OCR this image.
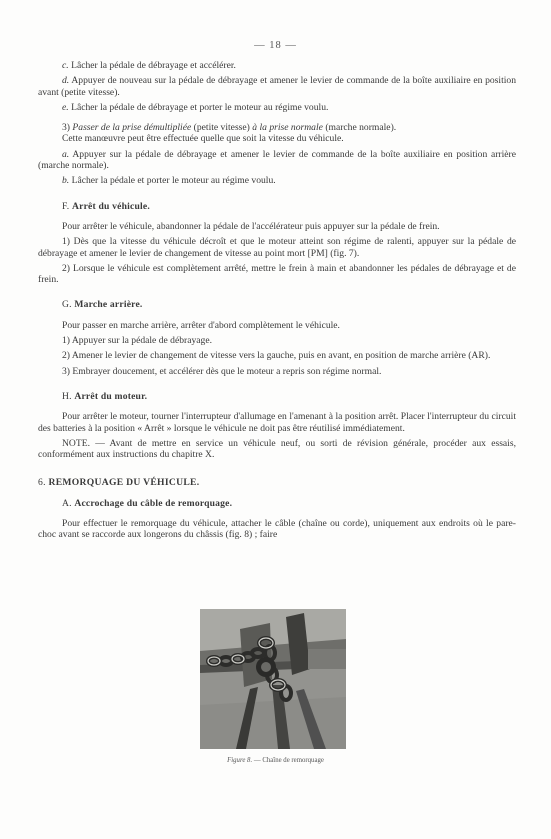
— 18 —

c. Lâcher la pédale de débrayage et accélérer.

d. Appuyer de nouveau sur la pédale de débrayage et amener le levier de commande de la boîte auxiliaire en position avant (petite vitesse).

e. Lâcher la pédale de débrayage et porter le moteur au régime voulu.

3) Passer de la prise démultipliée (petite vitesse) à la prise normale (marche normale).

Cette manœuvre peut être effectuée quelle que soit la vitesse du véhicule.

a. Appuyer sur la pédale de débrayage et amener le levier de commande de la boîte auxiliaire en position arrière (marche normale).

b. Lâcher la pédale et porter le moteur au régime voulu.

F. Arrêt du véhicule.

Pour arrêter le véhicule, abandonner la pédale de l'accélérateur puis appuyer sur la pédale de frein.

1) Dès que la vitesse du véhicule décroît et que le moteur atteint son régime de ralenti, appuyer sur la pédale de débrayage et amener le levier de changement de vitesse au point mort [PM] (fig. 7).

2) Lorsque le véhicule est complètement arrêté, mettre le frein à main et abandonner les pédales de débrayage et de frein.

G. Marche arrière.

Pour passer en marche arrière, arrêter d'abord complètement le véhicule.

1) Appuyer sur la pédale de débrayage.

2) Amener le levier de changement de vitesse vers la gauche, puis en avant, en position de marche arrière (AR).

3) Embrayer doucement, et accélérer dès que le moteur a repris son régime normal.

H. Arrêt du moteur.

Pour arrêter le moteur, tourner l'interrupteur d'allumage en l'amenant à la position arrêt. Placer l'interrupteur du circuit des batteries à la position « Arrêt » lorsque le véhicule ne doit pas être réutilisé immédiatement.

NOTE. — Avant de mettre en service un véhicule neuf, ou sorti de révision générale, procéder aux essais, conformément aux instructions du chapitre X.

6. REMORQUAGE DU VÉHICULE.

A. Accrochage du câble de remorquage.

Pour effectuer le remorquage du véhicule, attacher le câble (chaîne ou corde), uniquement aux endroits où le pare-choc avant se raccorde aux longerons du châssis (fig. 8) ; faire

Figure 8. — Chaîne de remorquage
